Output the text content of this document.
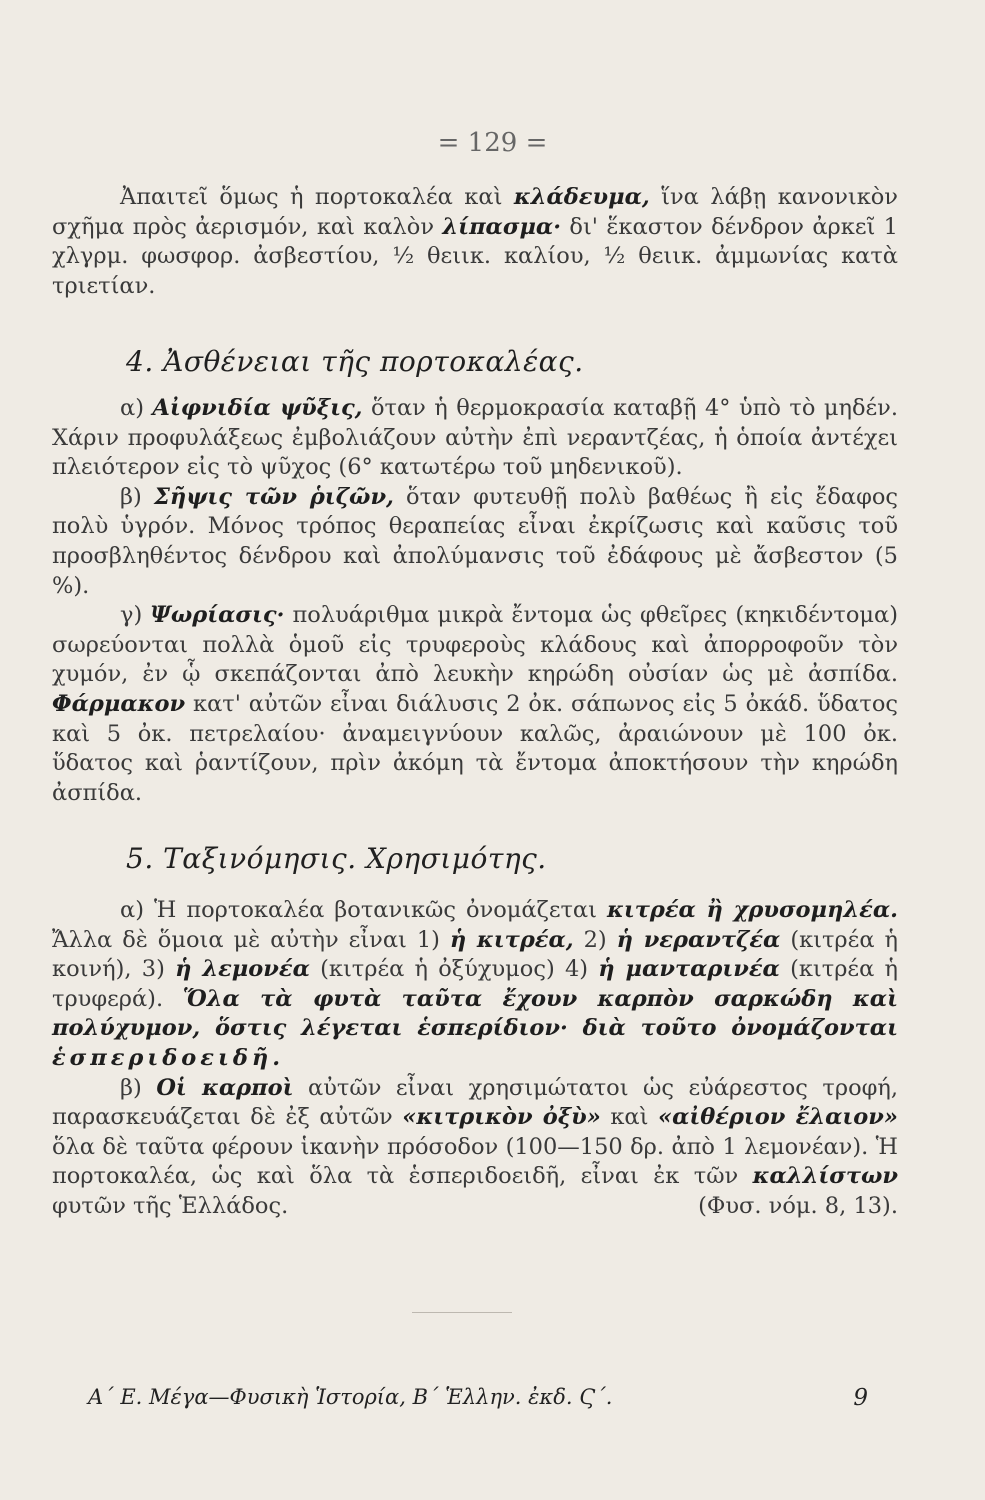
= 129 =

Ἀπαιτεῖ ὅμως ἡ πορτοκαλέα καὶ κλάδευμα, ἵνα λάβῃ κανονικὸν σχῆμα πρὸς ἀερισμόν, καὶ καλὸν λίπασμα· δι' ἕκαστον δένδρον ἀρκεῖ 1 χλγρμ. φωσφορ. ἀσβεστίου, ½ θειικ. καλίου, ½ θειικ. ἀμμωνίας κατὰ τριετίαν.

4. Ἀσθένειαι τῆς πορτοκαλέας.

α) Αἰφνιδία ψῦξις, ὅταν ἡ θερμοκρασία καταβῇ 4° ὑπὸ τὸ μηδέν. Χάριν προφυλάξεως ἐμβολιάζουν αὐτὴν ἐπὶ νεραντζέας, ἡ ὁποία ἀντέχει πλειότερον εἰς τὸ ψῦχος (6° κατωτέρω τοῦ μηδενικοῦ).

β) Σῆψις τῶν ῥιζῶν, ὅταν φυτευθῇ πολὺ βαθέως ἢ εἰς ἔδαφος πολὺ ὑγρόν. Μόνος τρόπος θεραπείας εἶναι ἐκρίζωσις καὶ καῦσις τοῦ προσβληθέντος δένδρου καὶ ἀπολύμανσις τοῦ ἐδάφους μὲ ἄσβεστον (5 %).

γ) Ψωρίασις· πολυάριθμα μικρὰ ἔντομα ὡς φθεῖρες (κηκιδέντομα) σωρεύονται πολλὰ ὁμοῦ εἰς τρυφεροὺς κλάδους καὶ ἀπορροφοῦν τὸν χυμόν, ἐν ᾧ σκεπάζονται ἀπὸ λευκὴν κηρώδη οὐσίαν ὡς μὲ ἀσπίδα. Φάρμακον κατ' αὐτῶν εἶναι διάλυσις 2 ὀκ. σάπωνος εἰς 5 ὀκάδ. ὕδατος καὶ 5 ὀκ. πετρελαίου· ἀναμειγνύουν καλῶς, ἀραιώνουν μὲ 100 ὀκ. ὕδατος καὶ ῥαντίζουν, πρὶν ἀκόμη τὰ ἔντομα ἀποκτήσουν τὴν κηρώδη ἀσπίδα.

5. Ταξινόμησις. Χρησιμότης.

α) Ἡ πορτοκαλέα βοτανικῶς ὀνομάζεται κιτρέα ἢ χρυσομηλέα. Ἄλλα δὲ ὅμοια μὲ αὐτὴν εἶναι 1) ἡ κιτρέα, 2) ἡ νεραντζέα (κιτρέα ἡ κοινή), 3) ἡ λεμονέα (κιτρέα ἡ ὀξύχυμος) 4) ἡ μανταρινέα (κιτρέα ἡ τρυφερά). Ὅλα τὰ φυτὰ ταῦτα ἔχουν καρπὸν σαρκώδη καὶ πολύχυμον, ὅστις λέγεται ἑσπερίδιον· διὰ τοῦτο ὀνομάζονται ἑσπεριδοειδῆ.

β) Οἱ καρποὶ αὐτῶν εἶναι χρησιμώτατοι ὡς εὐάρεστος τροφή, παρασκευάζεται δὲ ἐξ αὐτῶν «κιτρικὸν ὀξὺ» καὶ «αἰθέριον ἔλαιον» ὅλα δὲ ταῦτα φέρουν ἱκανὴν πρόσοδον (100—150 δρ. ἀπὸ 1 λεμονέαν). Ἡ πορτοκαλέα, ὡς καὶ ὅλα τὰ ἑσπεριδοειδῆ, εἶναι ἐκ τῶν καλλίστων φυτῶν τῆς Ἑλλάδος.	(Φυσ. νόμ. 8, 13).

Α΄ Ε. Μέγα—Φυσικὴ Ἱστορία, Β΄ Ἑλλην. ἐκδ. Ϛ΄.	9
